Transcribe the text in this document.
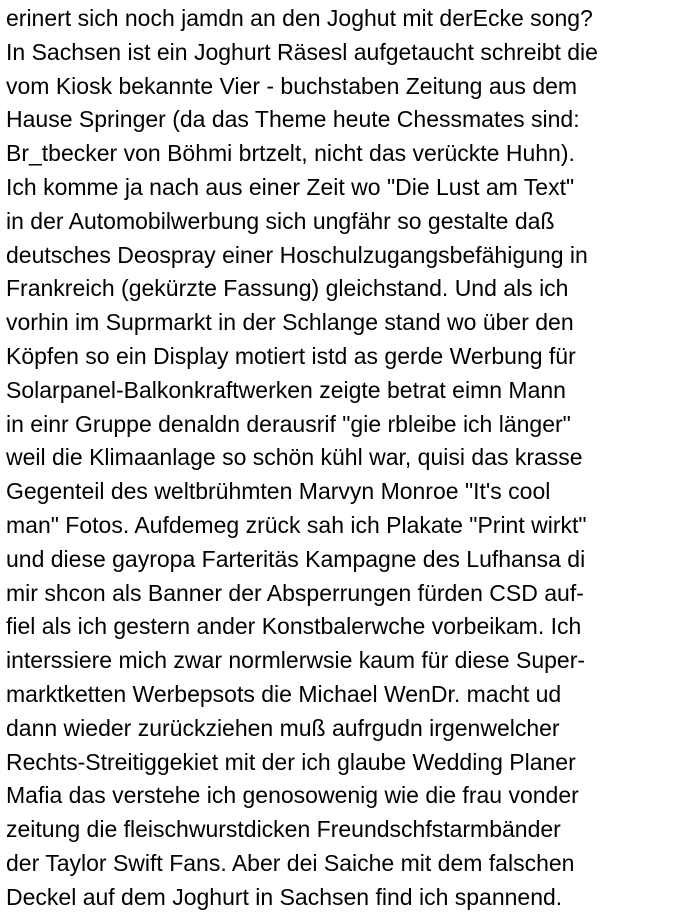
erinert sich noch jamdn an den Joghut mit derEcke song?
In Sachsen ist ein Joghurt Räsesl aufgetaucht schreibt die
vom Kiosk bekannte Vier - buchstaben Zeitung aus dem
Hause Springer (da das Theme heute Chessmates sind:
Br_tbecker von Böhmi brtzelt, nicht das verückte Huhn).
Ich komme ja nach aus einer Zeit wo "Die Lust am Text"
in der Automobilwerbung sich ungfähr so gestalte daß
deutsches Deospray einer Hoschulzugangsbefähigung in
Frankreich (gekürzte Fassung) gleichstand. Und als ich
vorhin im Suprmarkt in der Schlange stand wo über den
Köpfen so ein Display motiert istd as gerde Werbung für
Solarpanel-Balkonkraftwerken zeigte betrat eimn Mann
in einr Gruppe denaldn derausrif "gie rbleibe ich länger"
weil die Klimaanlage so schön kühl war, quisi das krasse
Gegenteil des weltbrühmten Marvyn Monroe "It's cool
man" Fotos. Aufdemeg zrück sah ich Plakate "Print wirkt"
und diese gayropa Farteritäs Kampagne des Lufhansa di
mir shcon als Banner der Absperrungen fürden CSD auf-
fiel als ich gestern ander Konstbalerwche vorbeikam. Ich
interssiere mich zwar normlerwsie kaum für diese Super-
marktketten Werbepsots die Michael WenDr. macht ud
dann wieder zurückziehen muß aufrgudn irgenwelcher
Rechts-Streitiggekiet mit der ich glaube Wedding Planer
Mafia das verstehe ich genosowenig wie die frau vonder
zeitung die fleischwurstdicken Freundschfstarmbänder
der Taylor Swift Fans. Aber dei Saiche mit dem falschen
Deckel auf dem Joghurt in Sachsen find ich spannend.
